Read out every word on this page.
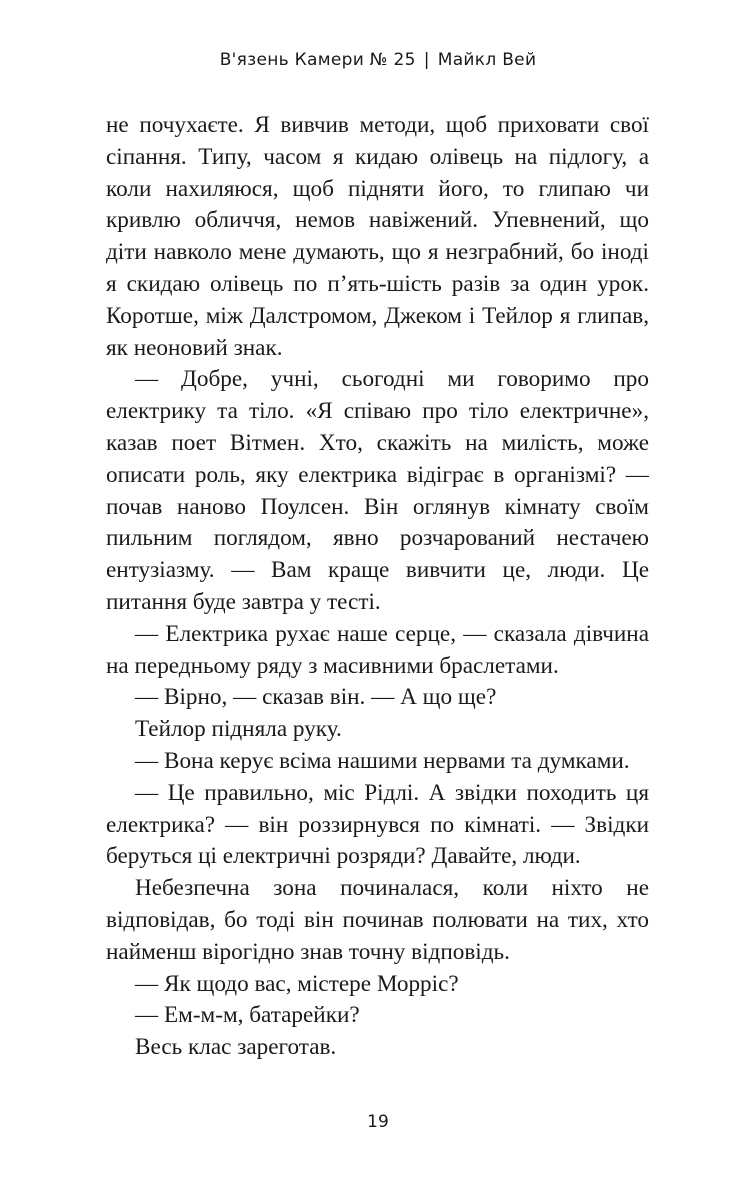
В'язень Камери № 25 | Майкл Вей

не почухаєте. Я вивчив методи, щоб приховати свої сіпання. Типу, часом я кидаю олівець на підлогу, а коли нахиляюся, щоб підняти його, то глипаю чи кривлю обличчя, немов навіжений. Упевнений, що діти навколо мене думають, що я незграбний, бо іноді я скидаю олівець по п’ять-шість разів за один урок. Коротше, між Далстромом, Джеком і Тейлор я глипав, як неоновий знак.

— Добре, учні, сьогодні ми говоримо про електрику та тіло. «Я співаю про тіло електричне», казав поет Вітмен. Хто, скажіть на милість, може описати роль, яку електрика відіграє в організмі? — почав наново Поулсен. Він оглянув кімнату своїм пильним поглядом, явно розчарований нестачею ентузіазму. — Вам краще вивчити це, люди. Це питання буде завтра у тесті.

— Електрика рухає наше серце, — сказала дівчина на передньому ряду з масивними браслетами.

— Вірно, — сказав він. — А що ще?

Тейлор підняла руку.

— Вона керує всіма нашими нервами та думками.

— Це правильно, міс Рідлі. А звідки походить ця електрика? — він роззирнувся по кімнаті. — Звідки беруться ці електричні розряди? Давайте, люди.

Небезпечна зона починалася, коли ніхто не відповідав, бо тоді він починав полювати на тих, хто найменш вірогідно знав точну відповідь.

— Як щодо вас, містере Морріс?

— Ем-м-м, батарейки?

Весь клас зареготав.

19
